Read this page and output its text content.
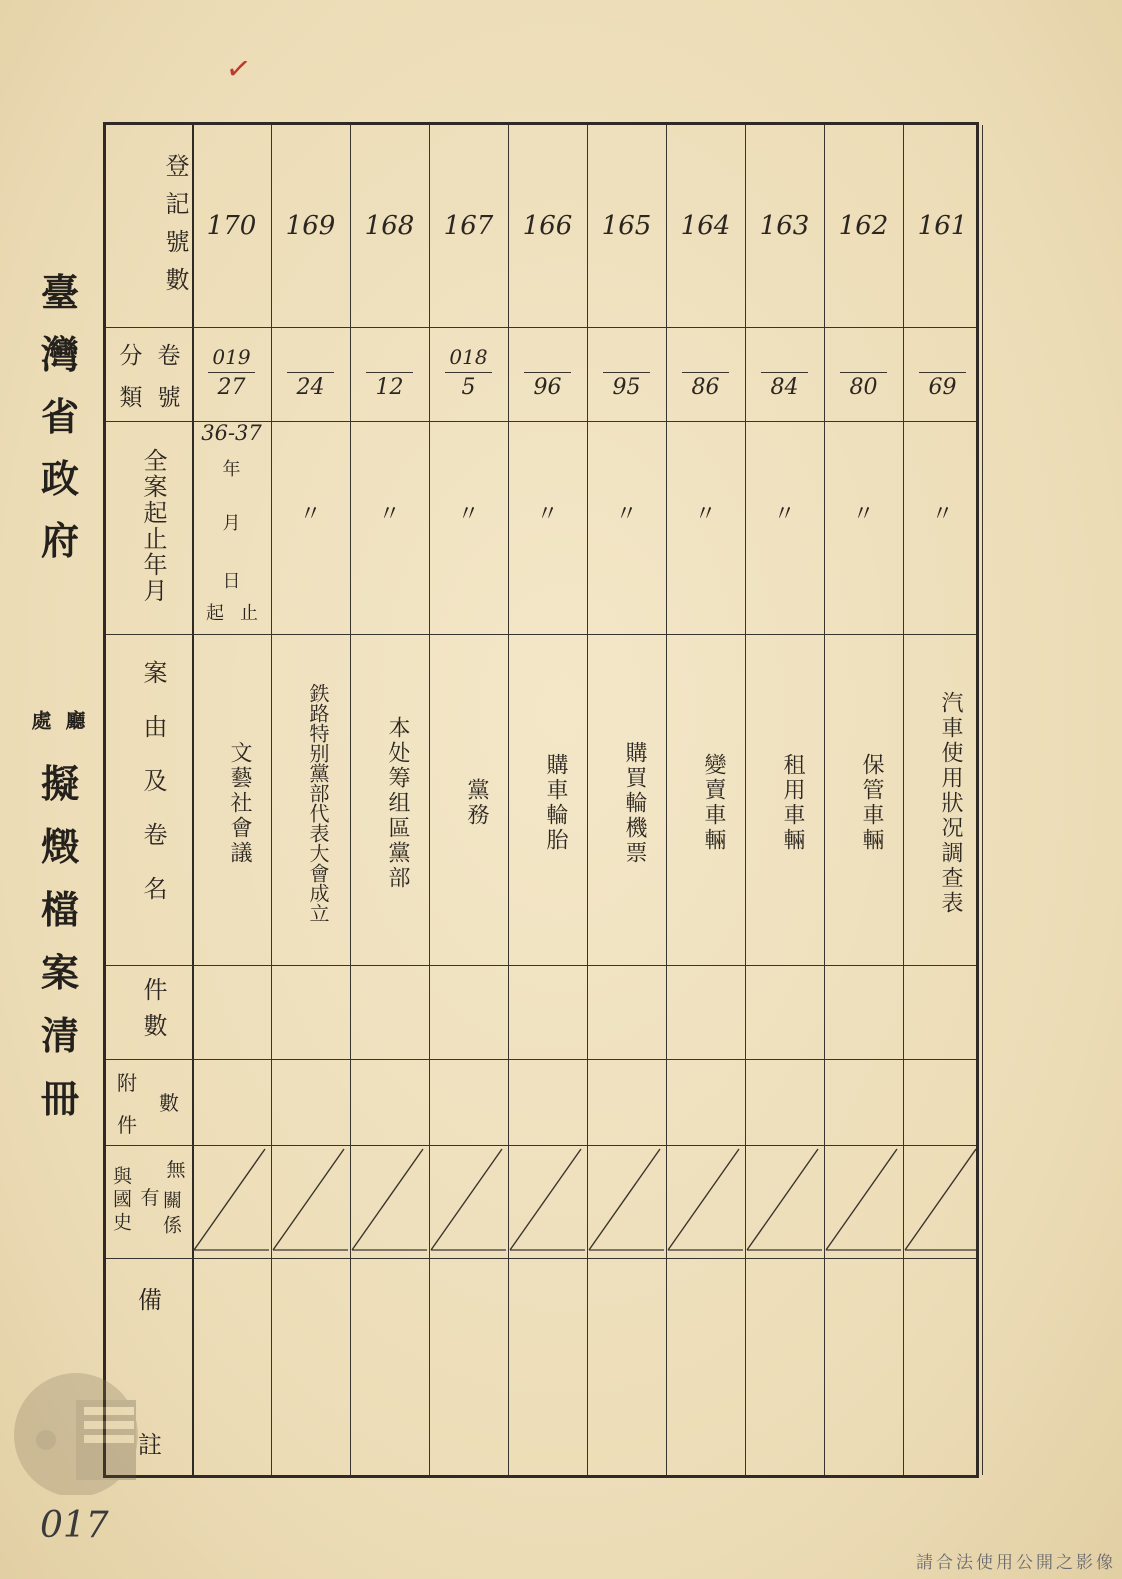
✓
臺灣省政府
廳
處
擬燬檔案清冊
登記號數
分 卷
類 號
全案起止年月
案由及卷名
件數
附
件
數
與國史 有
無
關係
備
註
170
019
27
文藝社會議
169
24
〃
鉄路特别黨部代表大會成立
168
12
〃
本处筹组區黨部
167
018
5
〃
黨務
166
96
〃
購車輪胎
165
95
〃
購買輪機票
164
86
〃
變賣車輛
163
84
〃
租用車輛
162
80
〃
保管車輛
161
69
〃
汽車使用狀况調查表
36-37
年
月
日
起 止
017
請合法使用公開之影像
